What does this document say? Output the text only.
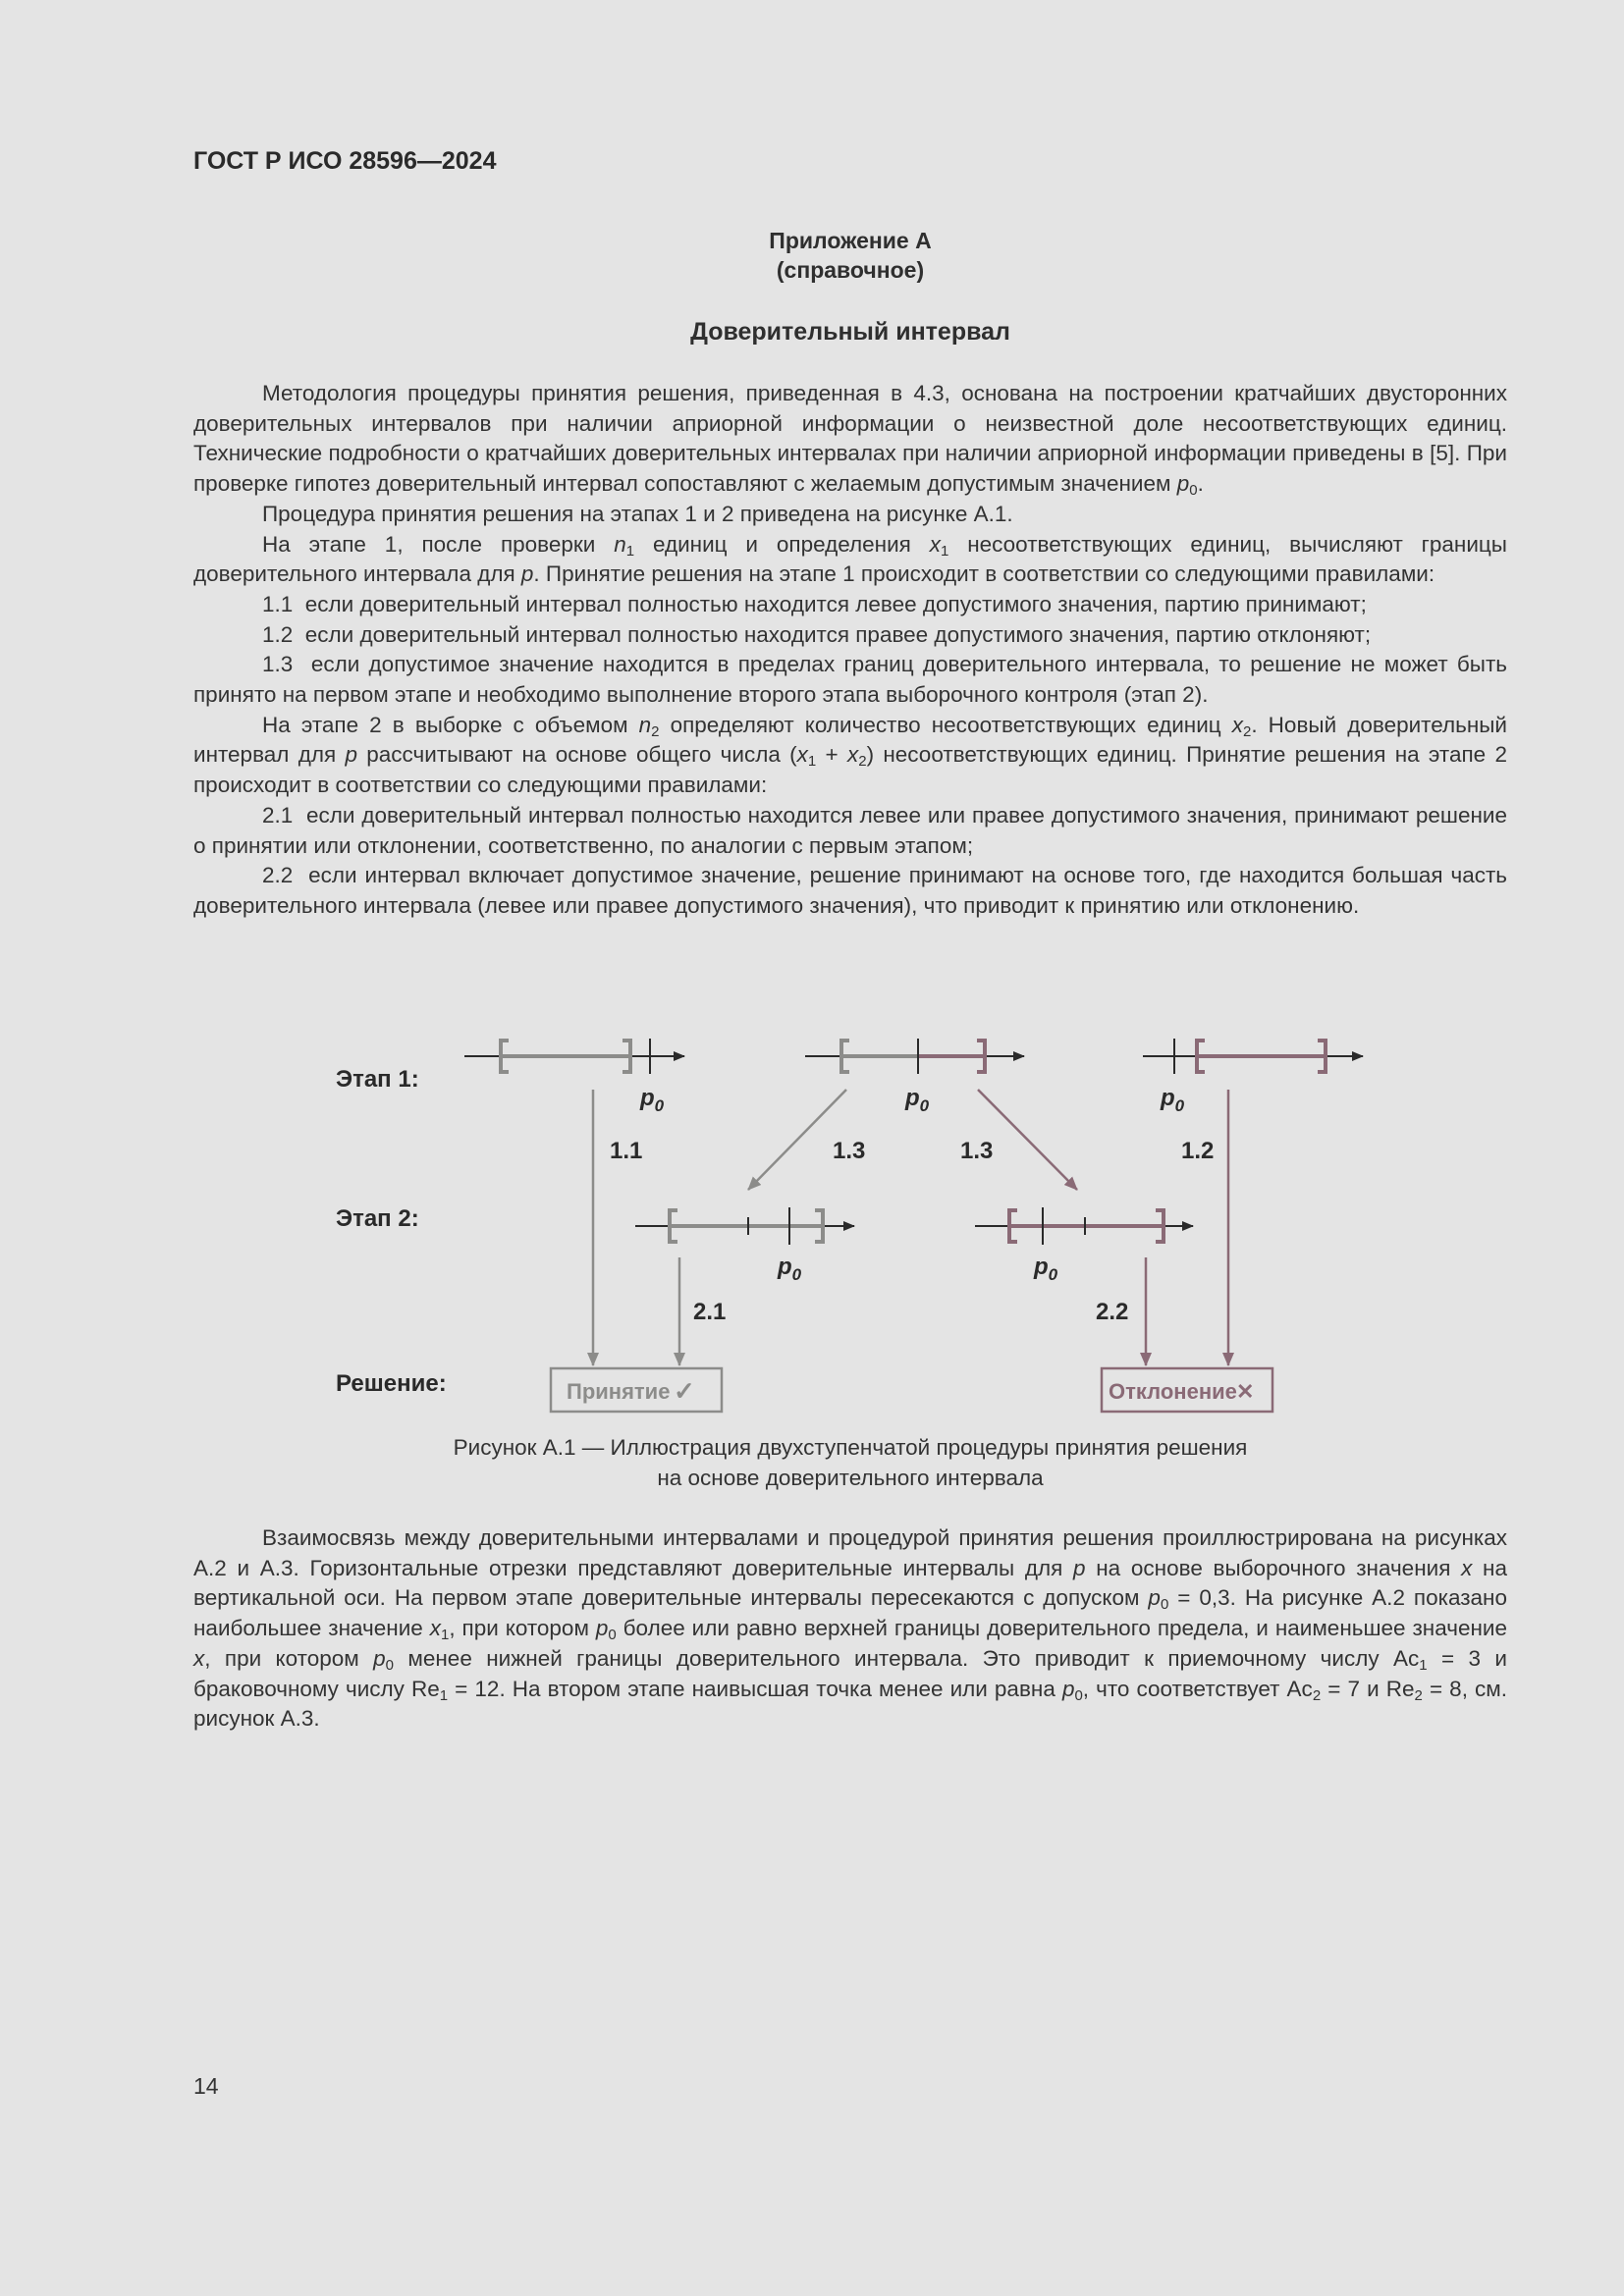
ГОСТ Р ИСО 28596—2024
Приложение А
(справочное)
Доверительный интервал

Методология процедуры принятия решения, приведенная в 4.3, основана на построении кратчайших двусторонних доверительных интервалов при наличии априорной информации о неизвестной доле несоответствующих единиц. Технические подробности о кратчайших доверительных интервалах при наличии априорной информации приведены в [5]. При проверке гипотез доверительный интервал сопоставляют с желаемым допустимым значением $p_0$.

Процедура принятия решения на этапах 1 и 2 приведена на рисунке А.1.

На этапе 1, после проверки $n_1$ единиц и определения $x_1$ несоответствующих единиц, вычисляют границы доверительного интервала для p. Принятие решения на этапе 1 происходит в соответствии со следующими правилами:

1.1  если доверительный интервал полностью находится левее допустимого значения, партию принимают;

1.2  если доверительный интервал полностью находится правее допустимого значения, партию отклоняют;

1.3  если допустимое значение находится в пределах границ доверительного интервала, то решение не может быть принято на первом этапе и необходимо выполнение второго этапа выборочного контроля (этап 2).

На этапе 2 в выборке с объемом $n_2$ определяют количество несоответствующих единиц $x_2$. Новый доверительный интервал для p рассчитывают на основе общего числа $(x_1 + x_2)$ несоответствующих единиц. Принятие решения на этапе 2 происходит в соответствии со следующими правилами:

2.1  если доверительный интервал полностью находится левее или правее допустимого значения, принимают решение о принятии или отклонении, соответственно, по аналогии с первым этапом;

2.2  если интервал включает допустимое значение, решение принимают на основе того, где находится большая часть доверительного интервала (левее или правее допустимого значения), что приводит к принятию или отклонению.

Этап 1:
Этап 2:
Решение:
$p_0$	$p_0$	$p_0$
$p_0$	$p_0$
1.1	1.3	1.3	1.2
2.1	2.2
Принятие ✓	Отклонение ✕
Рисунок А.1 — Иллюстрация двухступенчатой процедуры принятия решения
на основе доверительного интервала

Взаимосвязь между доверительными интервалами и процедурой принятия решения проиллюстрирована на рисунках А.2 и А.3. Горизонтальные отрезки представляют доверительные интервалы для p на основе выборочного значения x на вертикальной оси. На первом этапе доверительные интервалы пересекаются с допуском $p_0 = 0,3$. На рисунке А.2 показано наибольшее значение $x_1$, при котором $p_0$ более или равно верхней границы доверительного предела, и наименьшее значение x, при котором $p_0$ менее нижней границы доверительного интервала. Это приводит к приемочному числу $Ac_1 = 3$ и браковочному числу $Re_1 = 12$. На втором этапе наивысшая точка менее или равна $p_0$, что соответствует $Ac_2 = 7$ и $Re_2 = 8$, см. рисунок А.3.

14
